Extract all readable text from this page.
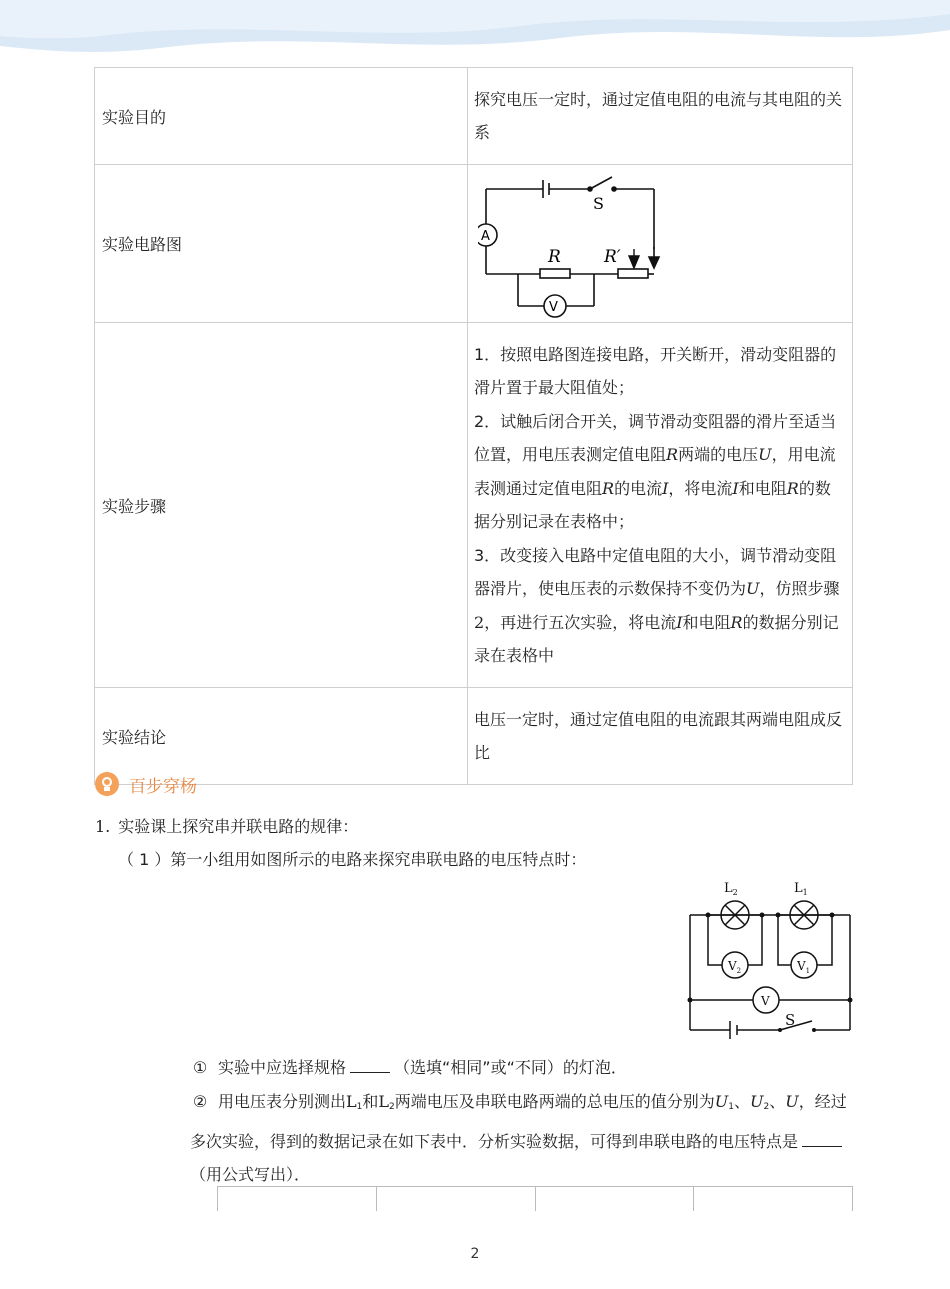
实验目的	探究电压一定时，通过定值电阻的电流与其电阻的关系
实验电路图	S
A
V
R R′

实验步骤	1．按照电路图连接电路，开关断开，滑动变阻器的滑片置于最大阻值处；
2．试触后闭合开关，调节滑动变阻器的滑片至适当位置，用电压表测定值电阻R两端的电压U，用电流表测通过定值电阻R的电流I，将电流I和电阻R的数据分别记录在表格中；
3．改变接入电路中定值电阻的大小，调节滑动变阻器滑片，使电压表的示数保持不变仍为U，仿照步骤2，再进行五次实验，将电流I和电阻R的数据分别记录在表格中

实验结论	电压一定时，通过定值电阻的电流跟其两端电阻成反比
百步穿杨
1. 实验课上探究串并联电路的规律：
（ 1 ）第一小组用如图所示的电路来探究串联电路的电压特点时：
$L_2$	$L_1$
$V_2$	$V_1$
V
S
① 实验中应选择规格	（选填“相同”或“不同）的灯泡．
② 用电压表分别测出L1和L2两端电压及串联电路两端的总电压的值分别为U1、U2、U，经过多次实验，得到的数据记录在如下表中．分析实验数据，可得到串联电路的电压特点是（用公式写出）．

2
